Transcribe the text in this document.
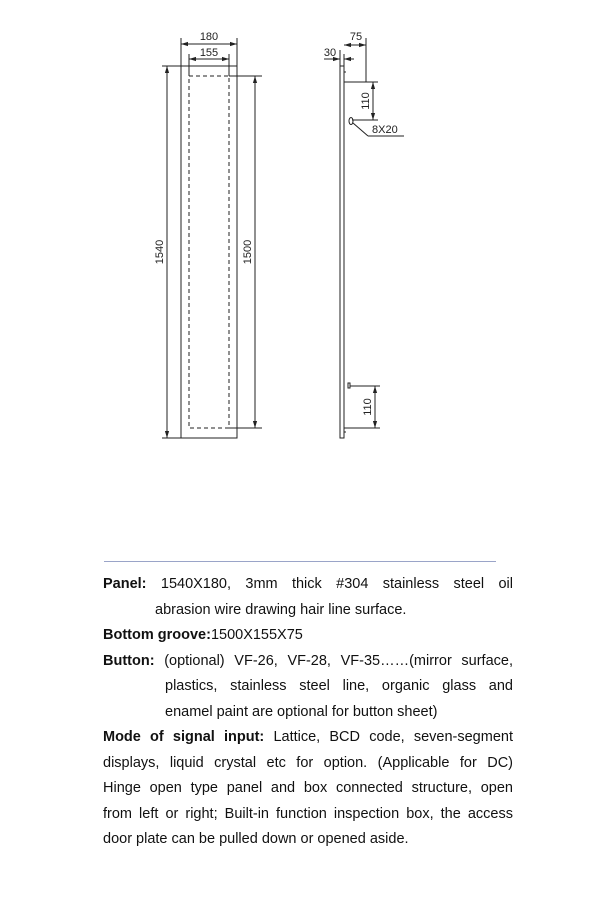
180
155
1540	1500
75
30
110
8X20
110

Panel: 1540X180, 3mm thick #304 stainless steel oil

abrasion wire drawing hair line surface.

Bottom groove:1500X155X75

Button: (optional) VF-26, VF-28, VF-35……(mirror surface,

plastics, stainless steel line, organic glass and

enamel paint are optional for button sheet)

Mode of signal input: Lattice, BCD code, seven-segment

displays, liquid crystal etc for option. (Applicable for DC)

Hinge open type panel and box connected structure, open

from left or right; Built-in function inspection box, the access

door plate can be pulled down or opened aside.
